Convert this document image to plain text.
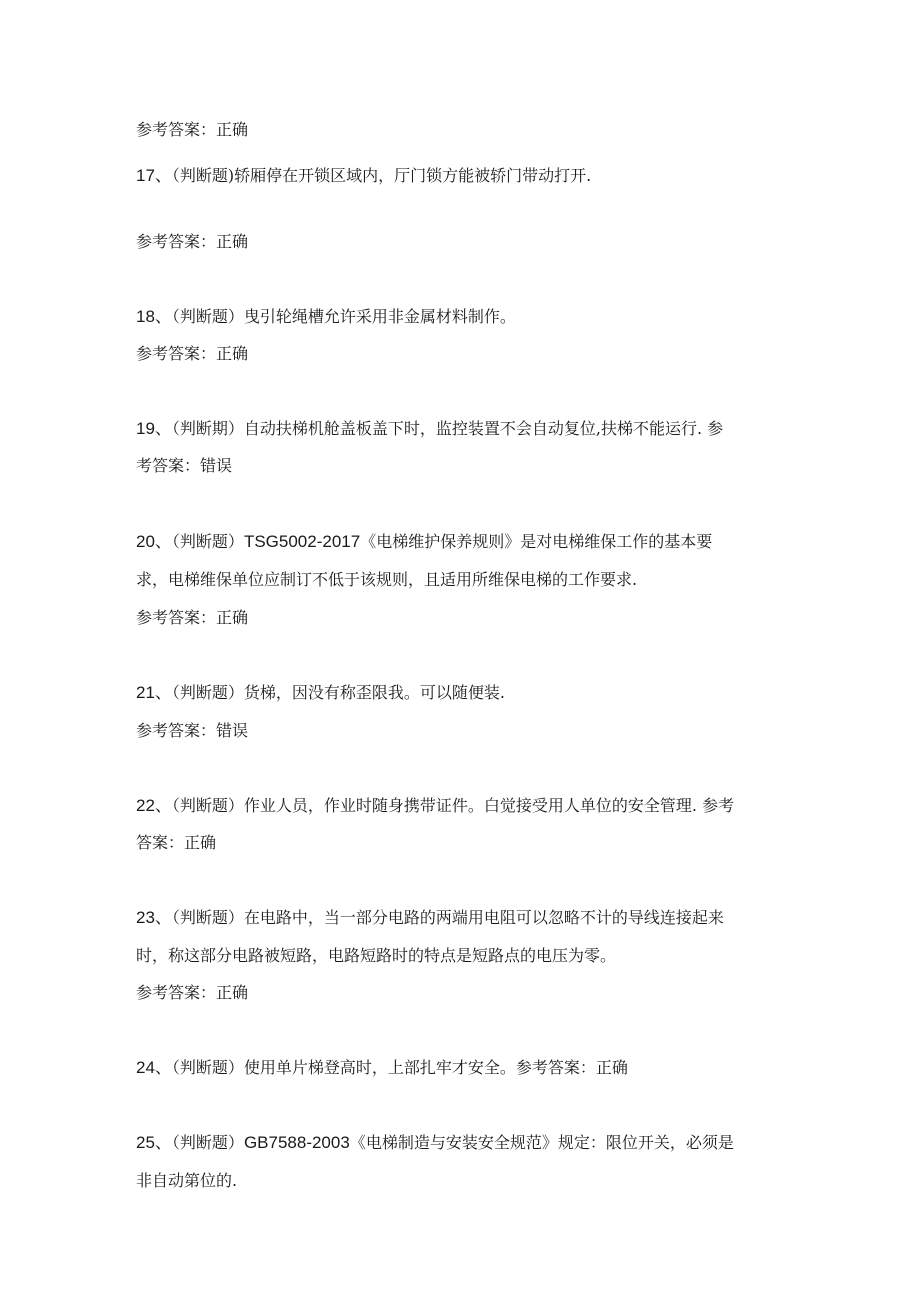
参考答案：正确
17、（判断题)轿厢停在开锁区域内，厅门锁方能被轿门带动打开.
参考答案：正确
18、（判断题）曳引轮绳槽允许采用非金属材料制作。
参考答案：正确
19、（判断期）自动扶梯机舱盖板盖下时，监控装置不会自动复位,扶梯不能运行. 参
考答案：错误
20、（判断题）TSG5002-2017《电梯维护保养规则》是对电梯维保工作的基本要
求，电梯维保单位应制订不低于该规则，且适用所维保电梯的工作要求.
参考答案：正确
21、（判断题）货梯，因没有称歪限我。可以随便装.
参考答案：错误
22、（判断题）作业人员，作业时随身携带证件。白觉接受用人单位的安全管理. 参考
答案：正确
23、（判断题）在电路中，当一部分电路的两端用电阻可以忽略不计的导线连接起来
时，称这部分电路被短路，电路短路时的特点是短路点的电压为零。
参考答案：正确
24、（判断题）使用单片梯登高时，上部扎牢才安全。参考答案：正确
25、（判断题）GB7588-2003《电梯制造与安装安全规范》规定：限位开关，必须是
非自动第位的.
